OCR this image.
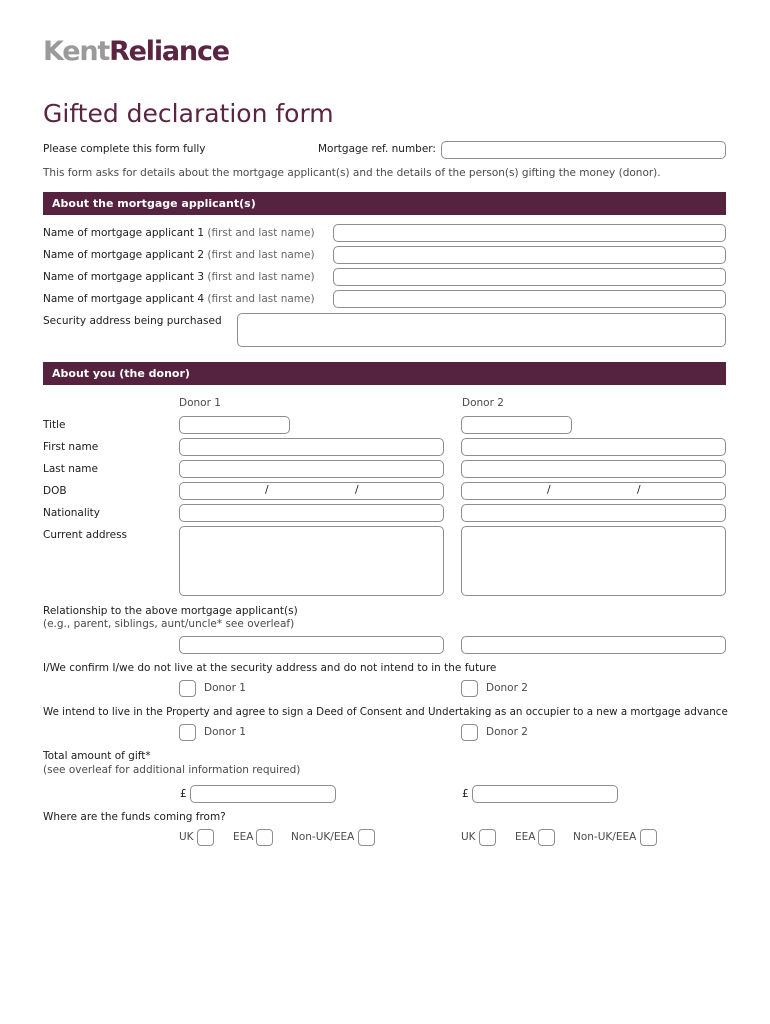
KentReliance
Gifted declaration form
Please complete this form fully	Mortgage ref. number:
This form asks for details about the mortgage applicant(s) and the details of the person(s) gifting the money (donor).
About the mortgage applicant(s)
Name of mortgage applicant 1 (first and last name)
Name of mortgage applicant 2 (first and last name)
Name of mortgage applicant 3 (first and last name)
Name of mortgage applicant 4 (first and last name)
Security address being purchased
About you (the donor)
Donor 1	Donor 2
Title
First name
Last name
DOB	/	/	/	/
Nationality
Current address
Relationship to the above mortgage applicant(s)
(e.g., parent, siblings, aunt/uncle* see overleaf)
I/We confirm I/we do not live at the security address and do not intend to in the future
Donor 1	Donor 2
We intend to live in the Property and agree to sign a Deed of Consent and Undertaking as an occupier to a new a mortgage advance
Donor 1	Donor 2
Total amount of gift*
(see overleaf for additional information required)
£	£
Where are the funds coming from?
UK	EEA	Non-UK/EEA	UK	EEA	Non-UK/EEA
